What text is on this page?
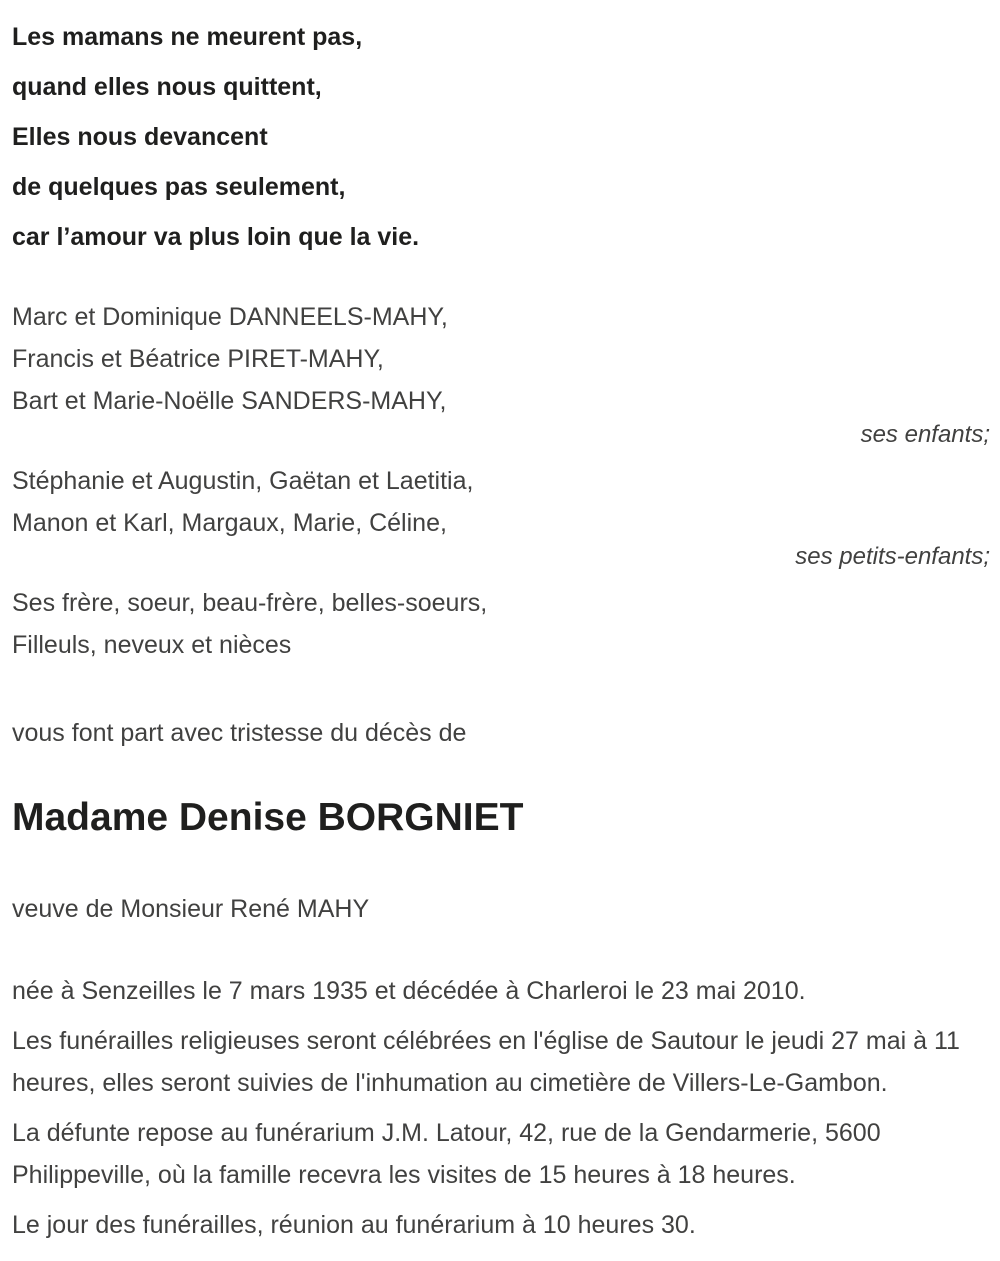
Les mamans ne meurent pas,
quand elles nous quittent,
Elles nous devancent
de quelques pas seulement,
car l’amour va plus loin que la vie.
Marc et Dominique DANNEELS-MAHY,
Francis et Béatrice PIRET-MAHY,
Bart et Marie-Noëlle SANDERS-MAHY,
ses enfants;
Stéphanie et Augustin, Gaëtan et Laetitia,
Manon et Karl, Margaux, Marie, Céline,
ses petits-enfants;
Ses frère, soeur, beau-frère, belles-soeurs,
Filleuls, neveux et nièces

vous font part avec tristesse du décès de

Madame Denise BORGNIET

veuve de Monsieur René MAHY

née à Senzeilles le 7 mars 1935 et décédée à Charleroi le 23 mai 2010.

Les funérailles religieuses seront célébrées en l'église de Sautour le jeudi 27 mai à 11 heures, elles seront suivies de l'inhumation au cimetière de Villers-Le-Gambon.

La défunte repose au funérarium J.M. Latour, 42, rue de la Gendarmerie, 5600 Philippeville, où la famille recevra les visites de 15 heures à 18 heures.

Le jour des funérailles, réunion au funérarium à 10 heures 30.
